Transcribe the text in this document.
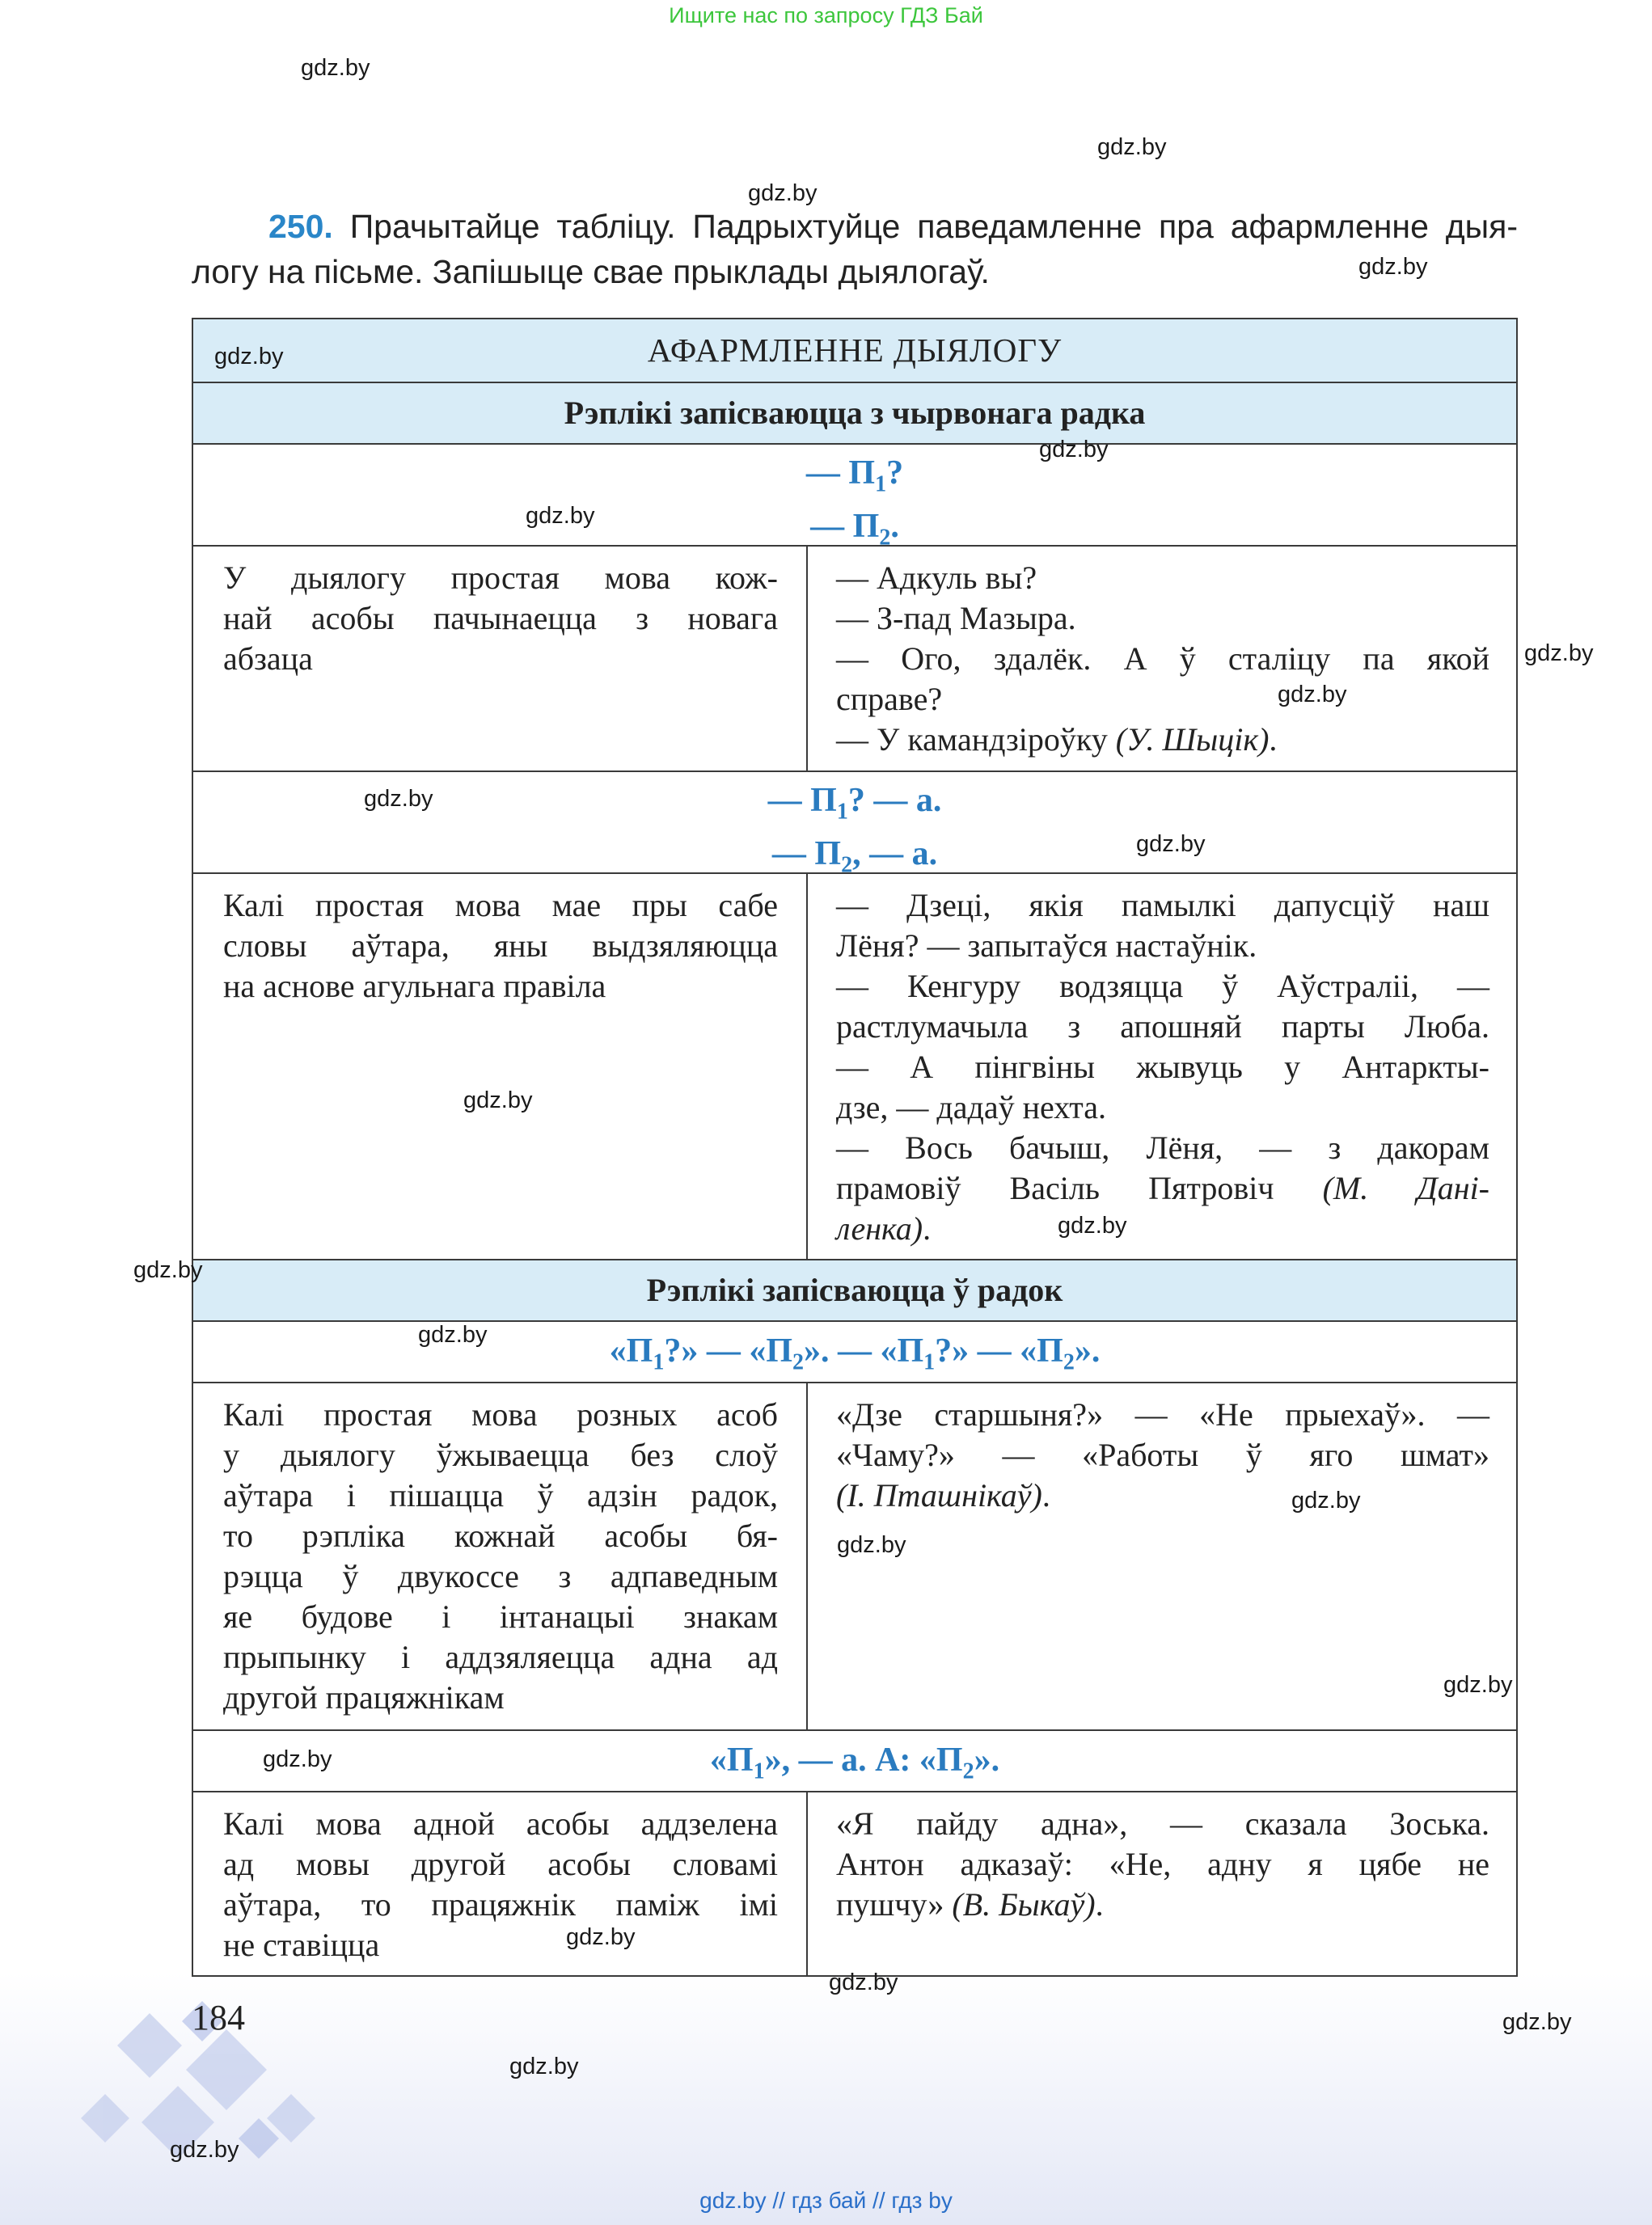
Ищите нас по запросу ГДЗ Бай
gdz.by
gdz.by
gdz.by
gdz.by
250. Прачытайце табліцу. Падрыхтуйце паведамленне пра афармленне дыя-
логу на пісьме. Запішыце свае прыклады дыялогаў.
АФАРМЛЕННЕ ДЫЯЛОГУ
Рэплікі запісваюцца з чырвонага радка
— $П_1$?
— $П_2$.
У дыялогу простая мова кож-
най асобы пачынаецца з новага
абзаца
— Адкуль вы?
— З-пад Мазыра.
— Ого, здалёк. А ў сталіцу па якой
справе?
— У камандзіроўку (У. Шыцік).
— $П_1$? — а.
— $П_2$, — а.
Калі простая мова мае пры сабе
словы аўтара, яны выдзяляюцца
на аснове агульнага правіла
— Дзеці, якія памылкі дапусціў наш
Лёня? — запытаўся настаўнік.
— Кенгуру водзяцца ў Аўстраліі, —
растлумачыла з апошняй парты Люба.
— А пінгвіны жывуць у Антаркты-
дзе, — дадаў нехта.
— Вось бачыш, Лёня, — з дакорам
прамовіў Васіль Пятровіч (М. Дані-
ленка).
Рэплікі запісваюцца ў радок
«$П_1$?» — «$П_2$». — «$П_1$?» — «$П_2$».
Калі простая мова розных асоб
у дыялогу ўжываецца без слоў
аўтара і пішацца ў адзін радок,
то рэпліка кожнай асобы бя-
рэцца ў двукоссе з адпаведным
яе будове і інтанацыі знакам
прыпынку і аддзяляецца адна ад
другой працяжнікам
«Дзе старшыня?» — «Не прыехаў». —
«Чаму?» — «Работы ў яго шмат»
(І. Пташнікаў).
«$П_1$», — а. А: «$П_2$».
Калі мова адной асобы аддзелена
ад мовы другой асобы словамі
аўтара, то працяжнік паміж імі
не ставіцца
«Я пайду адна», — сказала Зоська.
Антон адказаў: «Не, адну я цябе не
пушчу» (В. Быкаў).
gdz.by
gdz.by
gdz.by
gdz.by
gdz.by
gdz.by
gdz.by
gdz.by
gdz.by
gdz.by
gdz.by
gdz.by
gdz.by
gdz.by
gdz.by
gdz.by
gdz.by
gdz.by
gdz.by
gdz.by
184
gdz.by // гдз бай // гдз by
